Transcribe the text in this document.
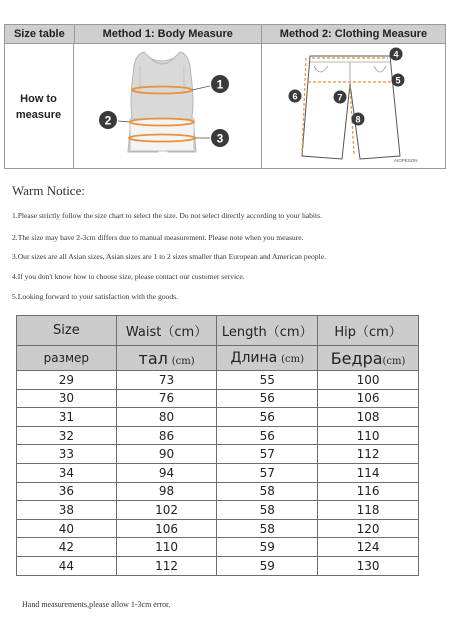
Size table	Method 1: Body Measure	Method 2: Clothing Measure
How to measure
1
2
3
4
5
6	7
8
AIOPESON
Warm Notice:
1.Please strictly follow the size chart to select the size. Do not select directly according to your habits.
2.The size may have 2-3cm differs due to manual measurement. Please note when you measure.
3.Our sizes are all Asian sizes, Asian sizes are 1 to 2 sizes smaller than European and American people.
4.If you don't know how to choose size, please contact our customer service.
5.Looking forward to your satisfaction with the goods.
Size	Waist（cm）	Length（cm）	Hip（cm）
размер	тал (cm)	Длина (cm)	Бедра(cm)
29	73	55	100
30	76	56	106
31	80	56	108
32	86	56	110
33	90	57	112
34	94	57	114
36	98	58	116
38	102	58	118
40	106	58	120
42	110	59	124
44	112	59	130
Hand measurements,please allow 1-3cm error.
